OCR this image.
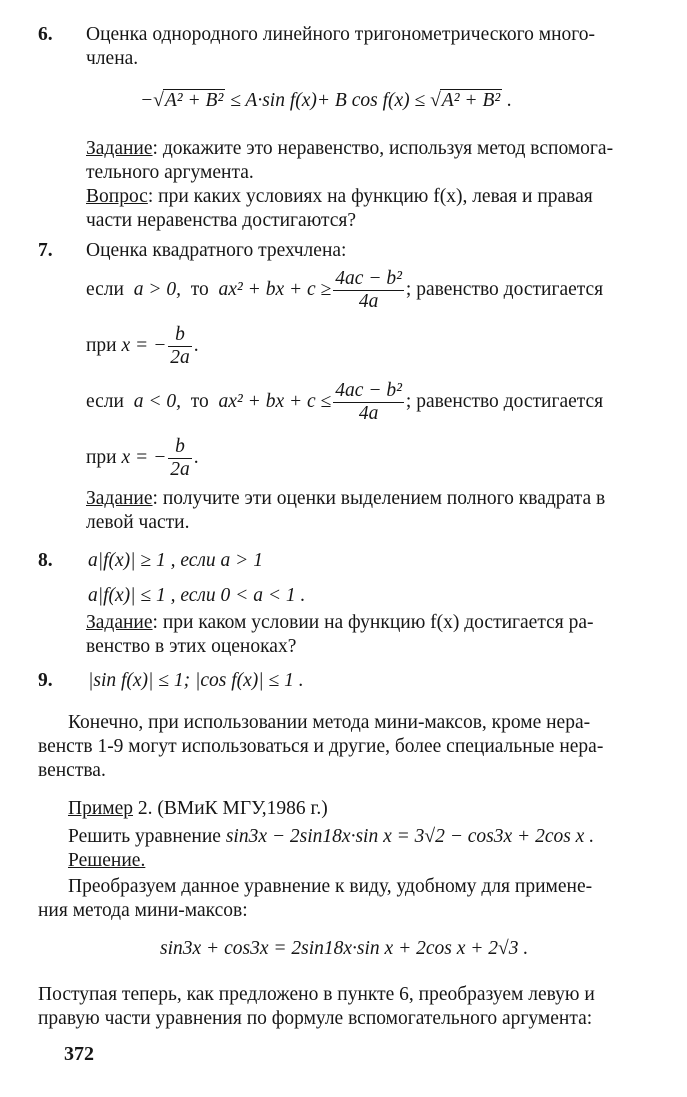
6. Оценка однородного линейного тригонометрического много-
члена.
−√A² + B² ≤ A·sin f(x)+ B cos f(x) ≤ √A² + B² .
Задание: докажите это неравенство, используя метод вспомога-
тельного аргумента.
Вопрос: при каких условиях на функцию f(x), левая и правая
части неравенства достигаются?
7. Оценка квадратного трехчлена:
если a > 0, то ax² + bx + $c \ge \frac{\text{4ac − b²}}{4a}$ ; равенство достигается
при x = − $\frac{b}{2a}$ .
если a < 0, то ax² + bx + $c \le \frac{\text{4ac − b²}}{4a}$ ; равенство достигается
при x = − $\frac{b}{2a}$ .
Задание: получите эти оценки выделением полного квадрата в
левой части.
8. a|f(x)| ≥ 1 , если a > 1
a|f(x)| ≤ 1 , если 0 < a < 1 .
Задание: при каком условии на функцию f(x) достигается ра-
венство в этих оценоках?
9. |sin f(x)| ≤ 1; |cos f(x)| ≤ 1 .
Конечно, при использовании метода мини-максов, кроме нера-
венств 1-9 могут использоваться и другие, более специальные нера-
венства.
Пример 2. (ВМиК МГУ,1986 г.)
Решить уравнение sin3x − 2sin18x·sin x = 3√2 − cos3x + 2cos x .
Решение.
Преобразуем данное уравнение к виду, удобному для примене-
ния метода мини-максов:
sin3x + cos3x = 2sin18x·sin x + 2cos x + 2√3 .
Поступая теперь, как предложено в пункте 6, преобразуем левую и
правую части уравнения по формуле вспомогательного аргумента:
372
